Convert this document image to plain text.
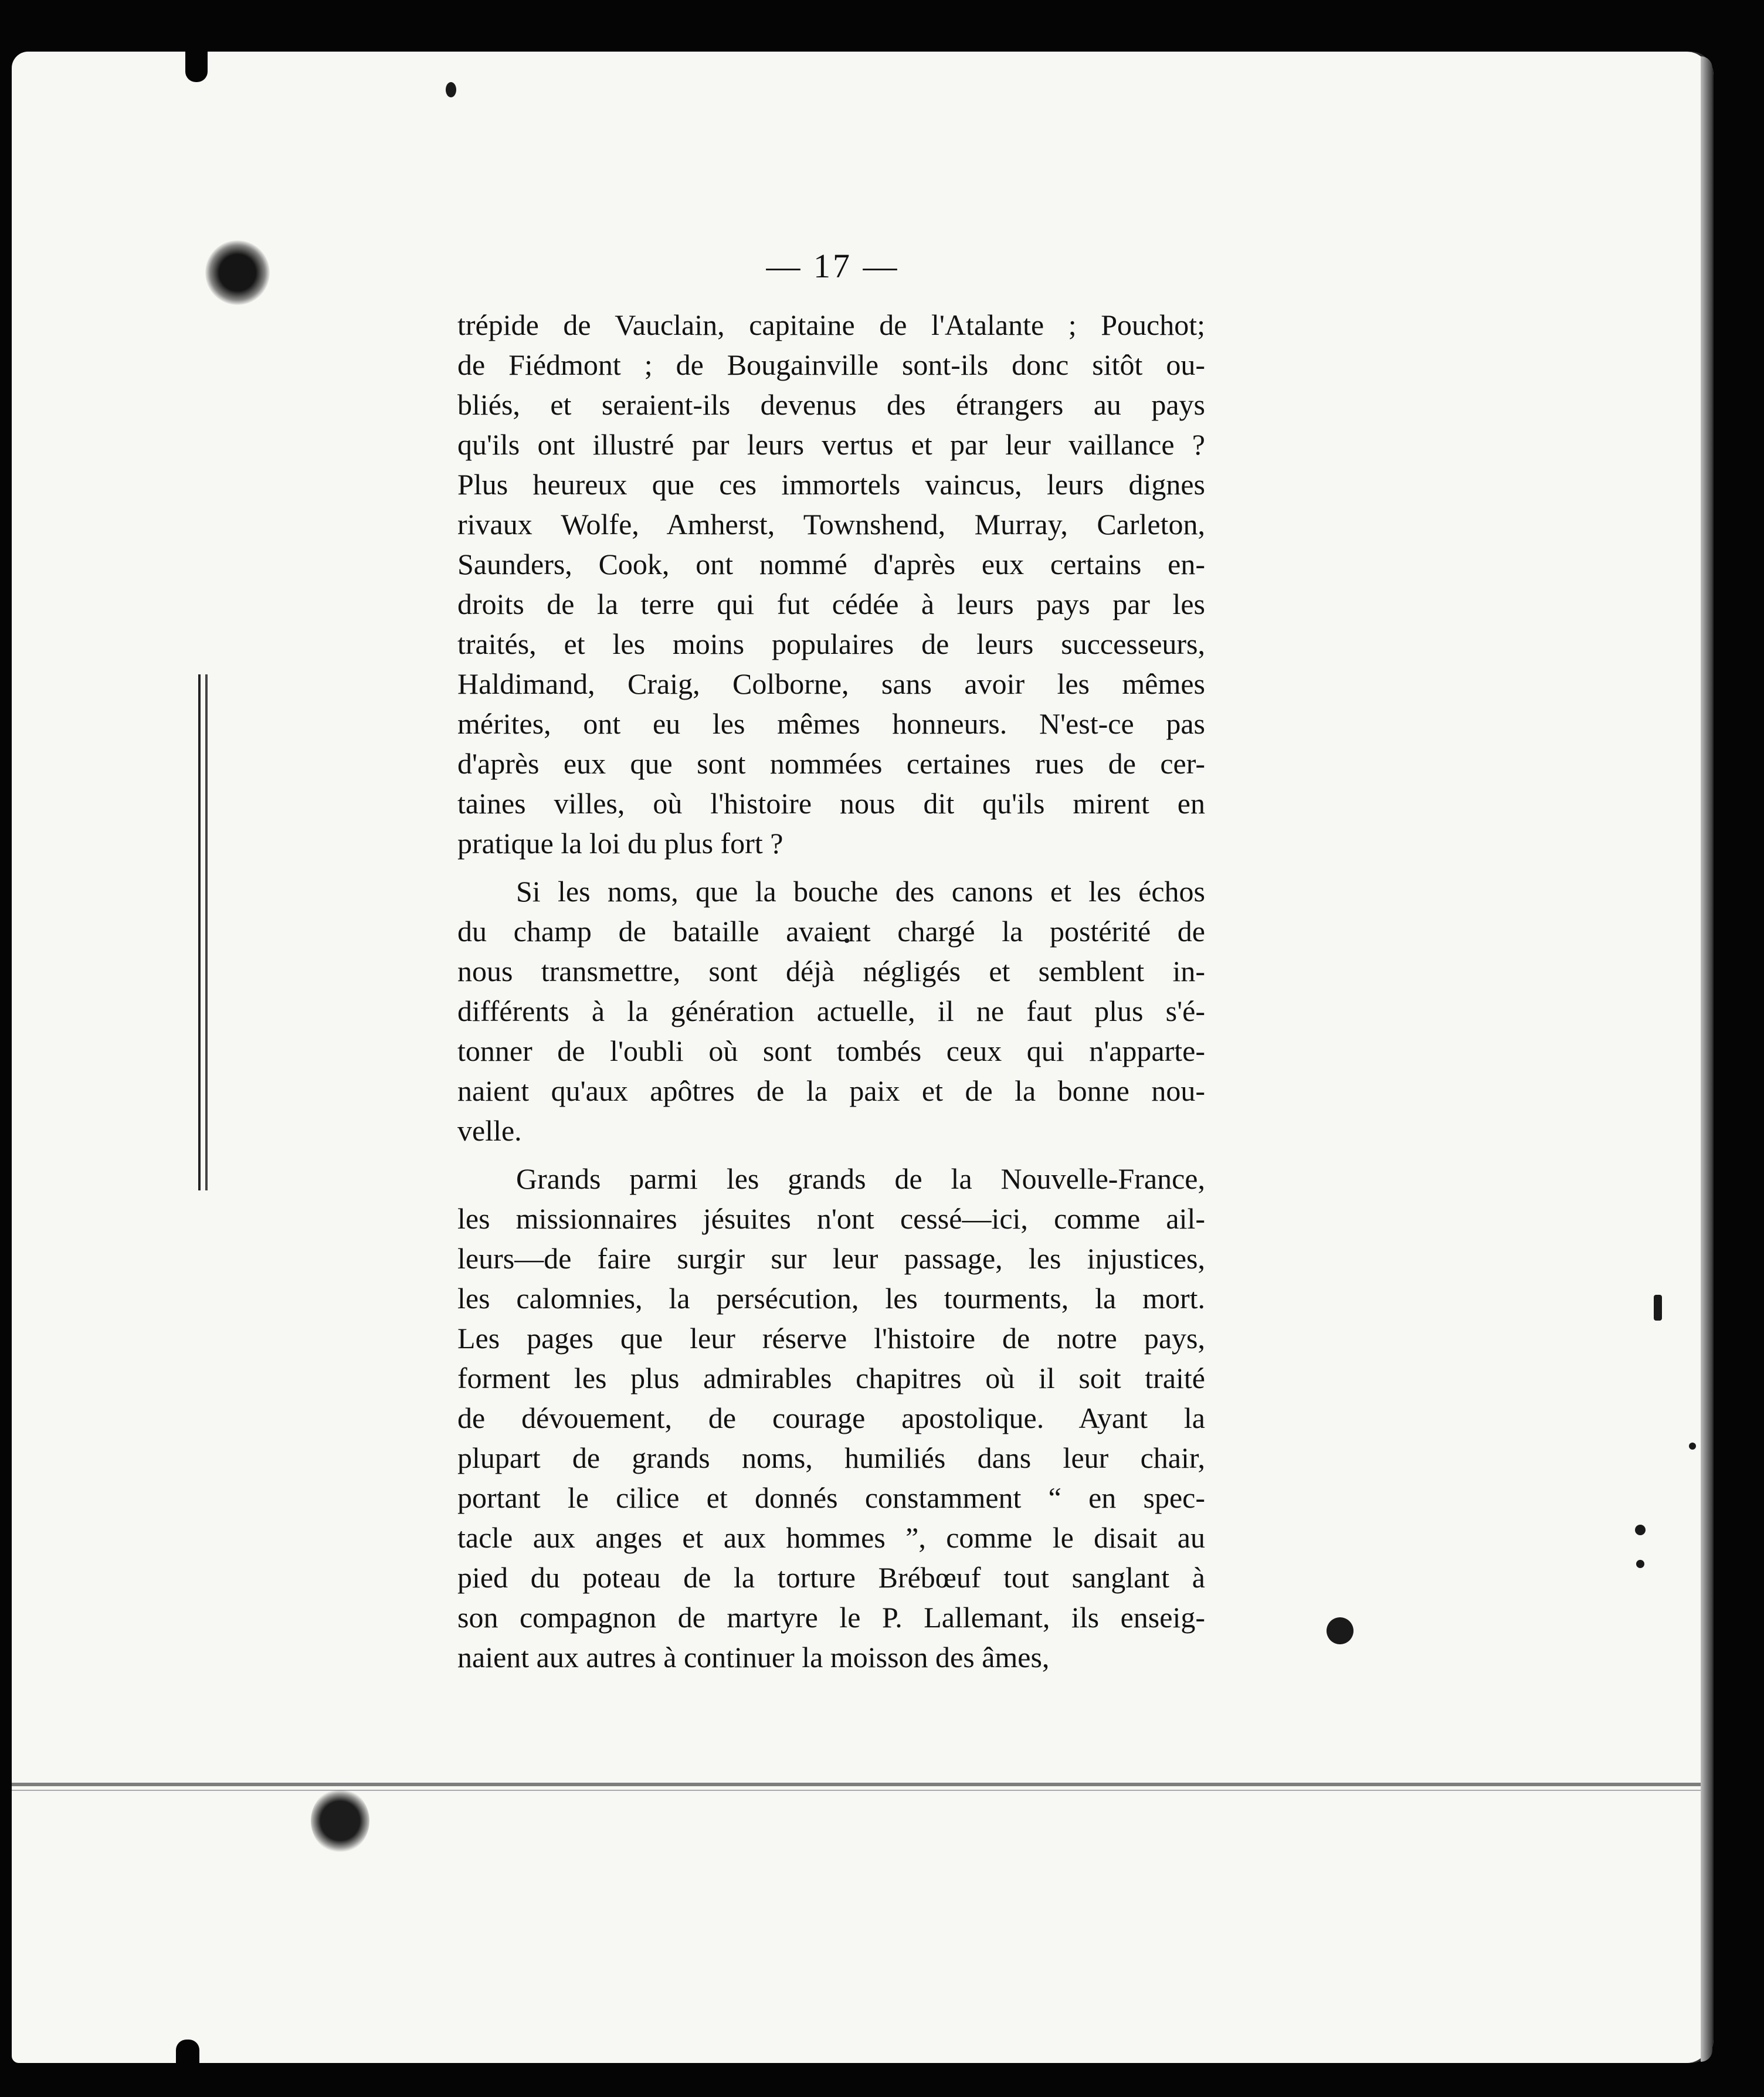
— 17 —
trépide de Vauclain, capitaine de l'Atalante ; Pouchot;
de Fiédmont ; de Bougainville sont-ils donc sitôt ou-
bliés, et seraient-ils devenus des étrangers au pays
qu'ils ont illustré par leurs vertus et par leur vaillance ?
Plus heureux que ces immortels vaincus, leurs dignes
rivaux Wolfe, Amherst, Townshend, Murray, Carleton,
Saunders, Cook, ont nommé d'après eux certains en-
droits de la terre qui fut cédée à leurs pays par les
traités, et les moins populaires de leurs successeurs,
Haldimand, Craig, Colborne, sans avoir les mêmes
mérites, ont eu les mêmes honneurs. N'est-ce pas
d'après eux que sont nommées certaines rues de cer-
taines villes, où l'histoire nous dit qu'ils mirent en
pratique la loi du plus fort ?
Si les noms, que la bouche des canons et les échos
du champ de bataille avaient chargé la postérité de
nous transmettre, sont déjà négligés et semblent in-
différents à la génération actuelle, il ne faut plus s'é-
tonner de l'oubli où sont tombés ceux qui n'apparte-
naient qu'aux apôtres de la paix et de la bonne nou-
velle.
Grands parmi les grands de la Nouvelle-France,
les missionnaires jésuites n'ont cessé—ici, comme ail-
leurs—de faire surgir sur leur passage, les injustices,
les calomnies, la persécution, les tourments, la mort.
Les pages que leur réserve l'histoire de notre pays,
forment les plus admirables chapitres où il soit traité
de dévouement, de courage apostolique. Ayant la
plupart de grands noms, humiliés dans leur chair,
portant le cilice et donnés constamment “ en spec-
tacle aux anges et aux hommes ”, comme le disait au
pied du poteau de la torture Brébœuf tout sanglant à
son compagnon de martyre le P. Lallemant, ils enseig-
naient aux autres à continuer la moisson des âmes,
